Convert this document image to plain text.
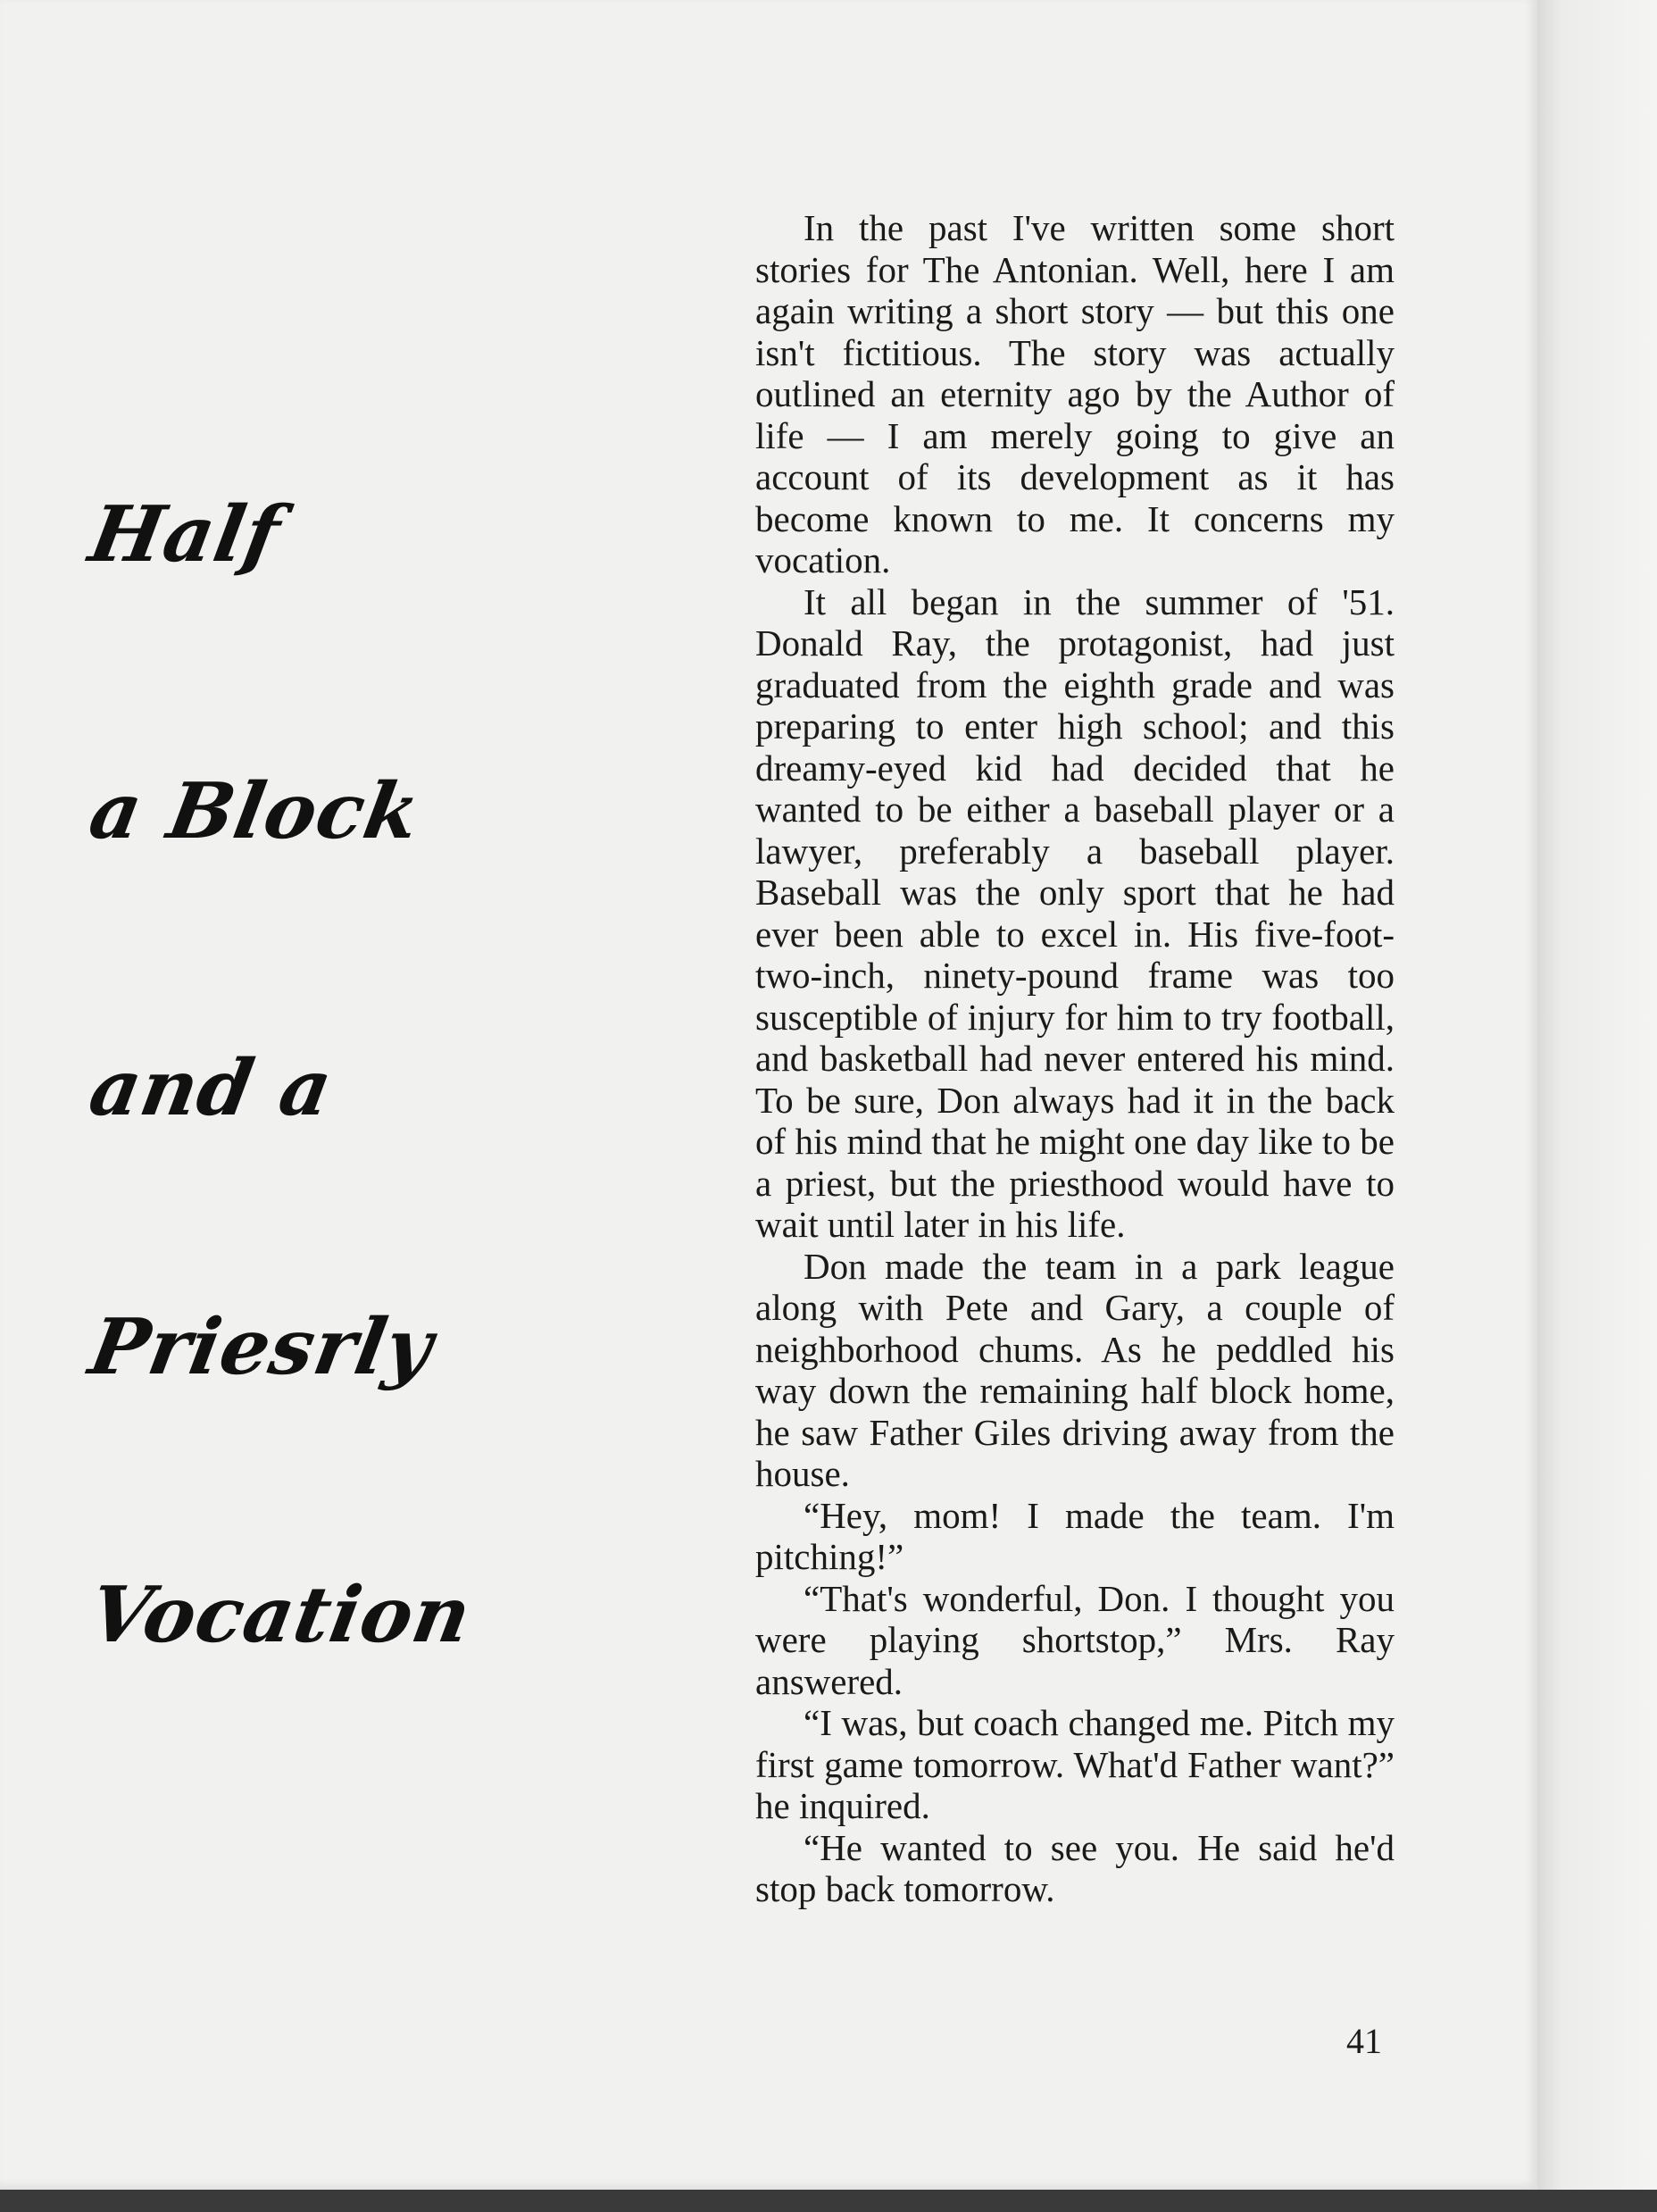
Half
a Block
and a
Priesrly
Vocation

In the past I've written some short stories for The Antonian. Well, here I am again writing a short story — but this one isn't fictitious. The story was actually outlined an eternity ago by the Author of life — I am merely going to give an account of its development as it has become known to me. It concerns my vocation.

It all began in the summer of '51. Donald Ray, the protagonist, had just graduated from the eighth grade and was preparing to enter high school; and this dreamy-eyed kid had decided that he wanted to be either a baseball player or a lawyer, preferably a baseball player. Baseball was the only sport that he had ever been able to excel in. His five-foot-two-inch, ninety-pound frame was too susceptible of injury for him to try football, and basketball had never entered his mind. To be sure, Don always had it in the back of his mind that he might one day like to be a priest, but the priesthood would have to wait until later in his life.

Don made the team in a park league along with Pete and Gary, a couple of neighborhood chums. As he peddled his way down the remaining half block home, he saw Father Giles driving away from the house.

“Hey, mom! I made the team. I'm pitching!”

“That's wonderful, Don. I thought you were playing shortstop,” Mrs. Ray answered.

“I was, but coach changed me. Pitch my first game tomorrow. What'd Father want?” he inquired.

“He wanted to see you. He said he'd stop back tomorrow.

41
